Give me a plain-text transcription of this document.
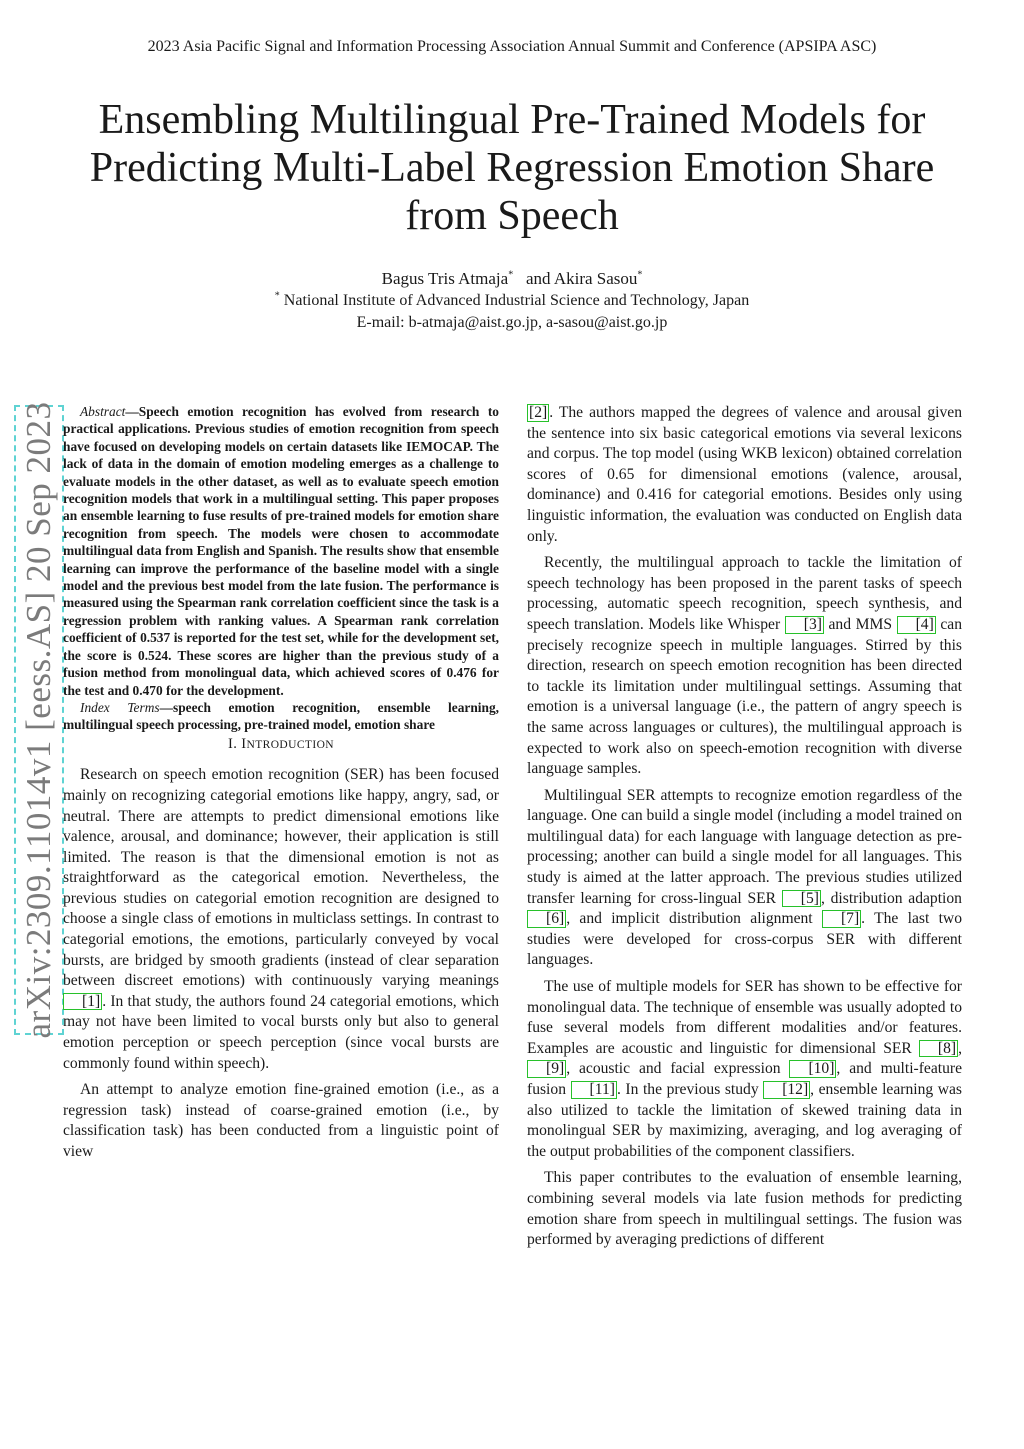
2023 Asia Pacific Signal and Information Processing Association Annual Summit and Conference (APSIPA ASC)
Ensembling Multilingual Pre-Trained Models for Predicting Multi-Label Regression Emotion Share from Speech
Bagus Tris Atmaja* and Akira Sasou*
* National Institute of Advanced Industrial Science and Technology, Japan
E-mail: b-atmaja@aist.go.jp, a-sasou@aist.go.jp
arXiv:2309.11014v1 [eess.AS] 20 Sep 2023	Abstract—Speech emotion recognition has evolved from research to practical applications. Previous studies of emotion recognition from speech have focused on developing models on certain datasets like IEMOCAP. The lack of data in the domain of emotion modeling emerges as a challenge to evaluate models in the other dataset, as well as to evaluate speech emotion recognition models that work in a multilingual setting. This paper proposes an ensemble learning to fuse results of pre-trained models for emotion share recognition from speech. The models were chosen to accommodate multilingual data from English and Spanish. The results show that ensemble learning can improve the performance of the baseline model with a single model and the previous best model from the late fusion. The performance is measured using the Spearman rank correlation coefficient since the task is a regression problem with ranking values. A Spearman rank correlation coefficient of 0.537 is reported for the test set, while for the development set, the score is 0.524. These scores are higher than the previous study of a fusion method from monolingual data, which achieved scores of 0.476 for the test and 0.470 for the development.

Index Terms—speech emotion recognition, ensemble learning, multilingual speech processing, pre-trained model, emotion share

I. INTRODUCTION

Research on speech emotion recognition (SER) has been focused mainly on recognizing categorial emotions like happy, angry, sad, or neutral. There are attempts to predict dimensional emotions like valence, arousal, and dominance; however, their application is still limited. The reason is that the dimensional emotion is not as straightforward as the categorical emotion. Nevertheless, the previous studies on categorial emotion recognition are designed to choose a single class of emotions in multiclass settings. In contrast to categorial emotions, the emotions, particularly conveyed by vocal bursts, are bridged by smooth gradients (instead of clear separation between discreet emotions) with continuously varying meanings [1] . In that study, the authors found 24 categorial emotions, which may not have been limited to vocal bursts only but also to general emotion perception or speech perception (since vocal bursts are commonly found within speech).

An attempt to analyze emotion fine-grained emotion (i.e., as a regression task) instead of coarse-grained emotion (i.e., by classification task) has been conducted from a linguistic point of view

[2] . The authors mapped the degrees of valence and arousal given the sentence into six basic categorical emotions via several lexicons and corpus. The top model (using WKB lexicon) obtained correlation scores of 0.65 for dimensional emotions (valence, arousal, dominance) and 0.416 for categorial emotions. Besides only using linguistic information, the evaluation was conducted on English data only.

Recently, the multilingual approach to tackle the limitation of speech technology has been proposed in the parent tasks of speech processing, automatic speech recognition, speech synthesis, and speech translation. Models like Whisper [3] and MMS [4] can precisely recognize speech in multiple languages. Stirred by this direction, research on speech emotion recognition has been directed to tackle its limitation under multilingual settings. Assuming that emotion is a universal language (i.e., the pattern of angry speech is the same across languages or cultures), the multilingual approach is expected to work also on speech-emotion recognition with diverse language samples.

Multilingual SER attempts to recognize emotion regardless of the language. One can build a single model (including a model trained on multilingual data) for each language with language detection as pre-processing; another can build a single model for all languages. This study is aimed at the latter approach. The previous studies utilized transfer learning for cross-lingual SER [5] , distribution adaption [6] , and implicit distribution alignment [7] . The last two studies were developed for cross-corpus SER with different languages.

The use of multiple models for SER has shown to be effective for monolingual data. The technique of ensemble was usually adopted to fuse several models from different modalities and/or features. Examples are acoustic and linguistic for dimensional SER [8] , [9] , acoustic and facial expression [10] , and multi-feature fusion [11] . In the previous study [12] , ensemble learning was also utilized to tackle the limitation of skewed training data in monolingual SER by maximizing, averaging, and log averaging of the output probabilities of the component classifiers.

This paper contributes to the evaluation of ensemble learning, combining several models via late fusion methods for predicting emotion share from speech in multilingual settings. The fusion was performed by averaging predictions of different
